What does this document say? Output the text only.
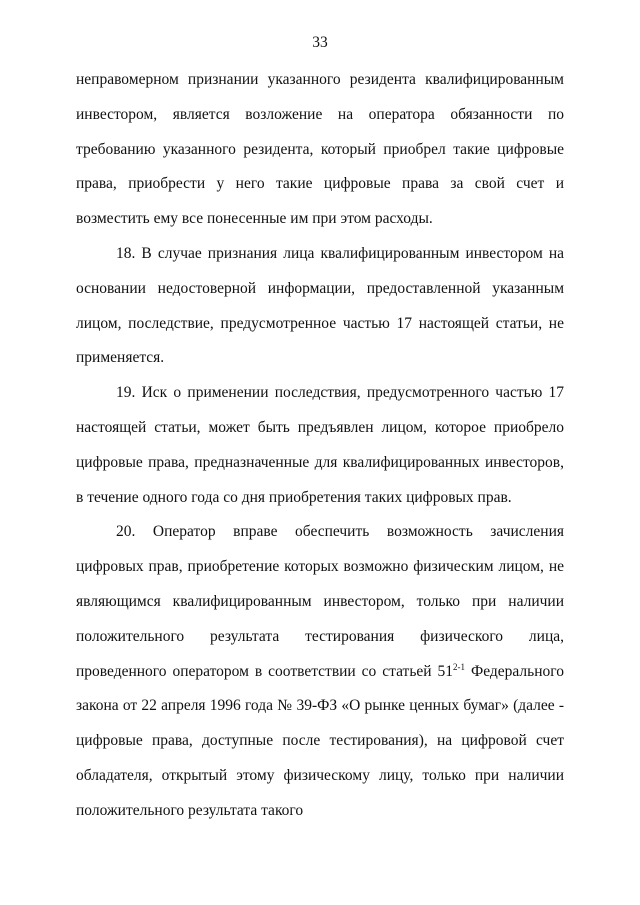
33

неправомерном признании указанного резидента квалифицированным инвестором, является возложение на оператора обязанности по требованию указанного резидента, который приобрел такие цифровые права, приобрести у него такие цифровые права за свой счет и возместить ему все понесенные им при этом расходы.

18. В случае признания лица квалифицированным инвестором на основании недостоверной информации, предоставленной указанным лицом, последствие, предусмотренное частью 17 настоящей статьи, не применяется.

19. Иск о применении последствия, предусмотренного частью 17 настоящей статьи, может быть предъявлен лицом, которое приобрело цифровые права, предназначенные для квалифицированных инвесторов, в течение одного года со дня приобретения таких цифровых прав.

20. Оператор вправе обеспечить возможность зачисления цифровых прав, приобретение которых возможно физическим лицом, не являющимся квалифицированным инвестором, только при наличии положительного результата тестирования физического лица, проведенного оператором в соответствии со статьей 51$^{2-1}$ Федерального закона от 22 апреля 1996 года № 39-ФЗ «О рынке ценных бумаг» (далее - цифровые права, доступные после тестирования), на цифровой счет обладателя, открытый этому физическому лицу, только при наличии положительного результата такого
